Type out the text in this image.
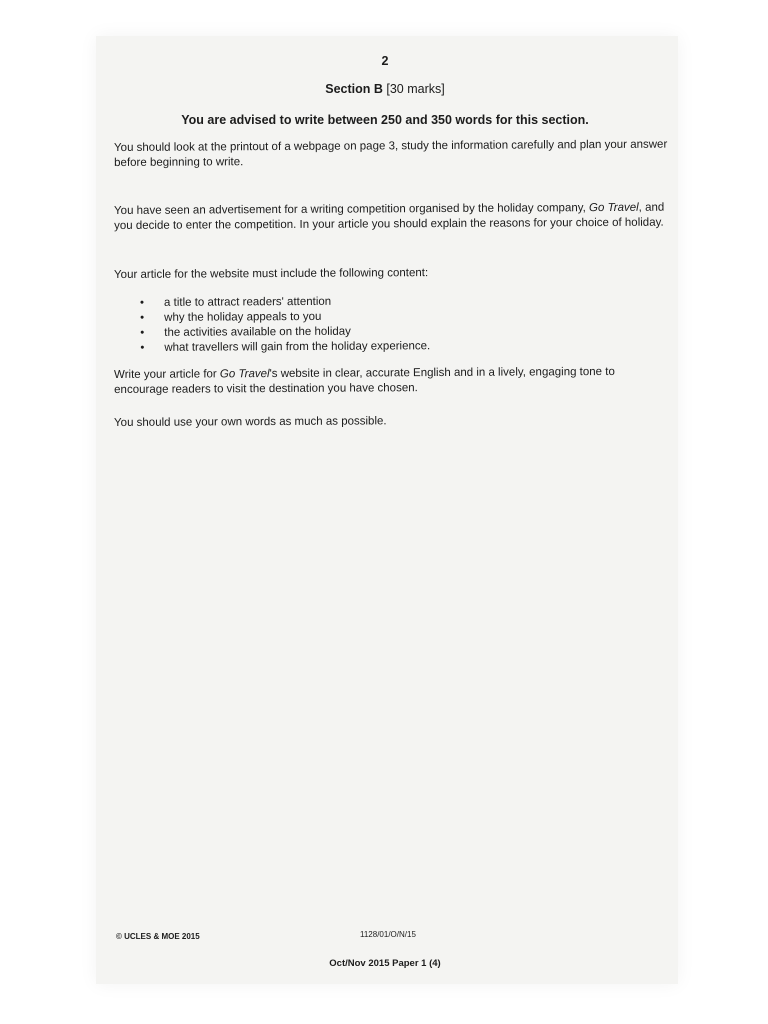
2
Section B [30 marks]
You are advised to write between 250 and 350 words for this section.
You should look at the printout of a webpage on page 3, study the information carefully and plan your answer before beginning to write.
You have seen an advertisement for a writing competition organised by the holiday company, Go Travel, and you decide to enter the competition. In your article you should explain the reasons for your choice of holiday.
Your article for the website must include the following content:
• a title to attract readers' attention
• why the holiday appeals to you
• the activities available on the holiday
• what travellers will gain from the holiday experience.
Write your article for Go Travel's website in clear, accurate English and in a lively, engaging tone to encourage readers to visit the destination you have chosen.
You should use your own words as much as possible.
© UCLES & MOE 2015	1128/01/O/N/15
Oct/Nov 2015 Paper 1 (4)
